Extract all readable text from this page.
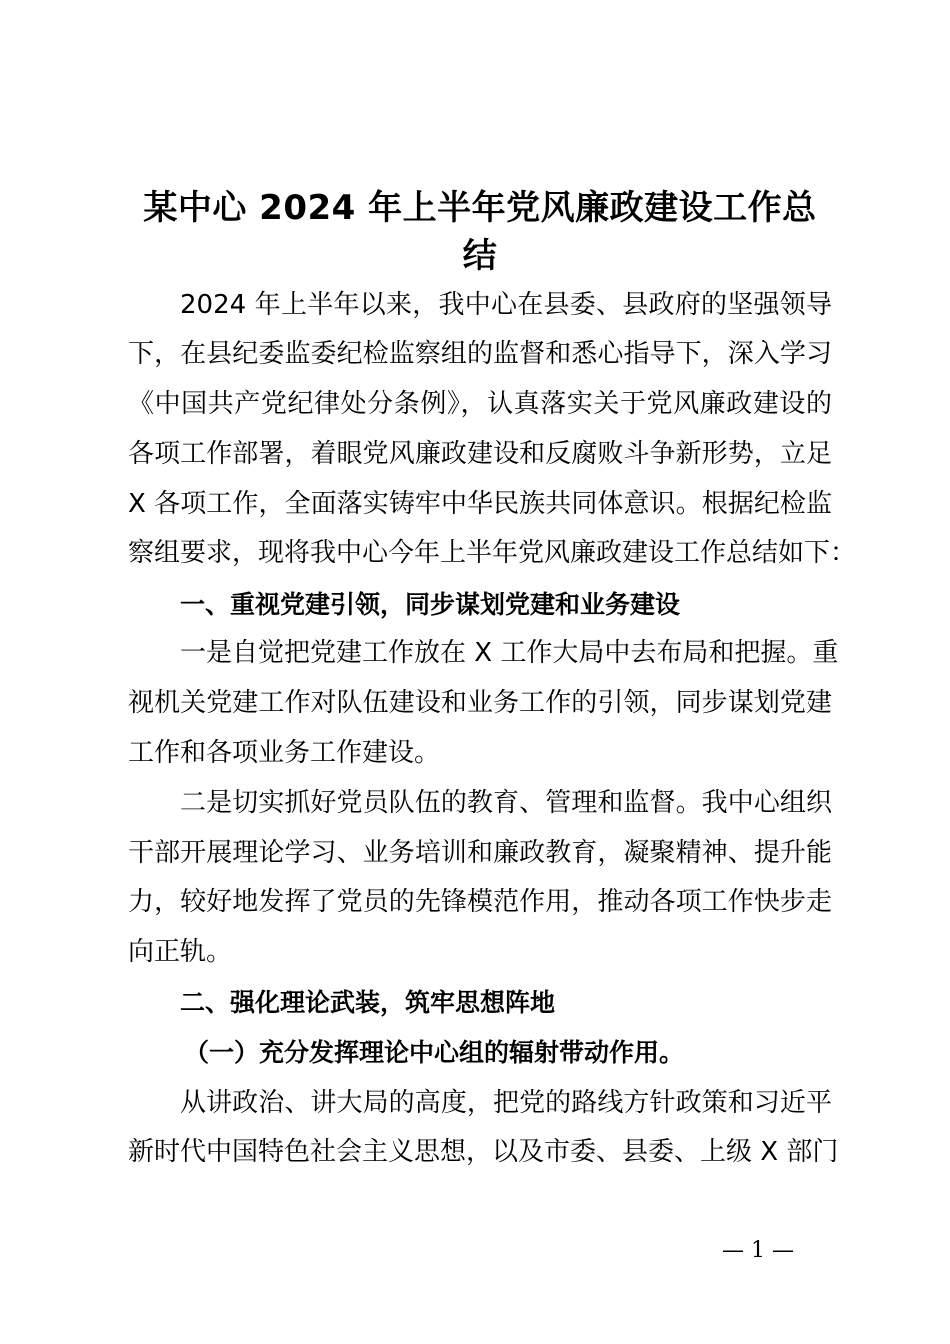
某中心 2024 年上半年党风廉政建设工作总
结
2024 年上半年以来，我中心在县委、县政府的坚强领导
下，在县纪委监委纪检监察组的监督和悉心指导下，深入学习
《中国共产党纪律处分条例》，认真落实关于党风廉政建设的
各项工作部署，着眼党风廉政建设和反腐败斗争新形势，立足
X 各项工作，全面落实铸牢中华民族共同体意识。根据纪检监
察组要求，现将我中心今年上半年党风廉政建设工作总结如下：
一、重视党建引领，同步谋划党建和业务建设
一是自觉把党建工作放在 X 工作大局中去布局和把握。重
视机关党建工作对队伍建设和业务工作的引领，同步谋划党建
工作和各项业务工作建设。
二是切实抓好党员队伍的教育、管理和监督。我中心组织
干部开展理论学习、业务培训和廉政教育，凝聚精神、提升能
力，较好地发挥了党员的先锋模范作用，推动各项工作快步走
向正轨。
二、强化理论武装，筑牢思想阵地
（一）充分发挥理论中心组的辐射带动作用。
从讲政治、讲大局的高度，把党的路线方针政策和习近平
新时代中国特色社会主义思想，以及市委、县委、上级 X 部门
— 1 —
